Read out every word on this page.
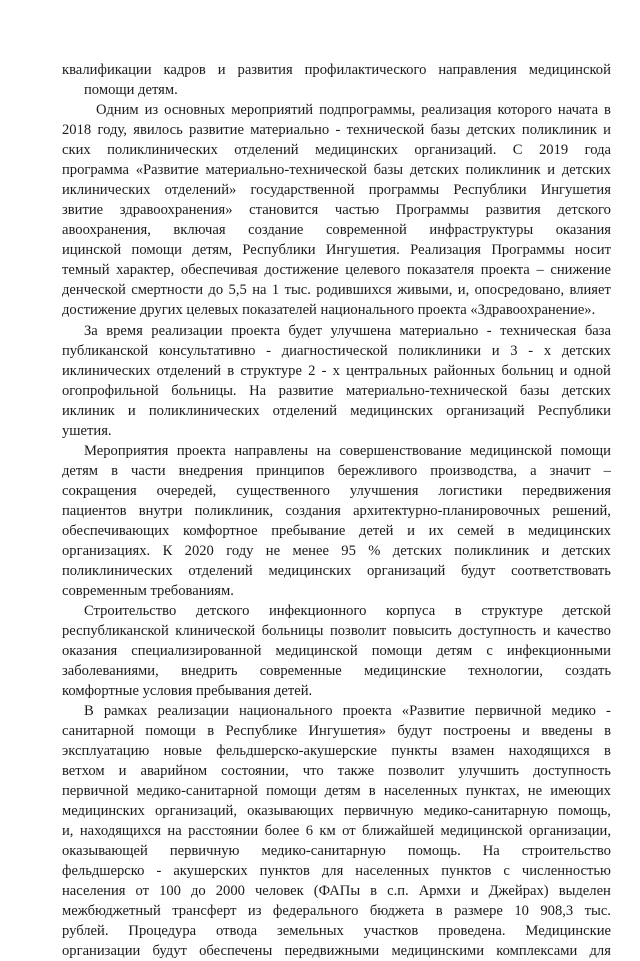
квалификации кадров и развития профилактического направления медицинской
помощи детям.
Одним из основных мероприятий подпрограммы, реализация которого начата в
2018 году, явилось развитие материально - технической базы детских поликлиник и
ских поликлинических отделений медицинских организаций. С 2019 года
программа «Развитие материально-технической базы детских поликлиник и детских
иклинических отделений» государственной программы Республики Ингушетия
звитие здравоохранения» становится частью Программы развития детского
авоохранения, включая создание современной инфраструктуры оказания
ицинской помощи детям, Республики Ингушетия. Реализация Программы носит
темный характер, обеспечивая достижение целевого показателя проекта – снижение
денческой смертности до 5,5 на 1 тыс. родившихся живыми, и, опосредовано, влияет
достижение других целевых показателей национального проекта «Здравоохранение».
За время реализации проекта будет улучшена материально - техническая база
публиканской консультативно - диагностической поликлиники и 3 - х детских
иклинических отделений в структуре 2 - х центральных районных больниц и одной
огопрофильной больницы. На развитие материально-технической базы детских
иклиник и поликлинических отделений медицинских организаций Республики
ушетия.
Мероприятия проекта направлены на совершенствование медицинской помощи
детям в части внедрения принципов бережливого производства, а значит –
сокращения очередей, существенного улучшения логистики передвижения
пациентов внутри поликлиник, создания архитектурно-планировочных решений,
обеспечивающих комфортное пребывание детей и их семей в медицинских
организациях. К 2020 году не менее 95 % детских поликлиник и детских
поликлинических отделений медицинских организаций будут соответствовать
современным требованиям.
Строительство детского инфекционного корпуса в структуре детской
республиканской клинической больницы позволит повысить доступность и качество
оказания специализированной медицинской помощи детям с инфекционными
заболеваниями, внедрить современные медицинские технологии, создать
комфортные условия пребывания детей.
В рамках реализации национального проекта «Развитие первичной медико -
санитарной помощи в Республике Ингушетия» будут построены и введены в
эксплуатацию новые фельдшерско-акушерские пункты взамен находящихся в
ветхом и аварийном состоянии, что также позволит улучшить доступность
первичной медико-санитарной помощи детям в населенных пунктах, не имеющих
медицинских организаций, оказывающих первичную медико-санитарную помощь,
и, находящихся на расстоянии более 6 км от ближайшей медицинской организации,
оказывающей первичную медико-санитарную помощь. На строительство
фельдшерско - акушерских пунктов для населенных пунктов с численностью
населения от 100 до 2000 человек (ФАПы в с.п. Армхи и Джейрах) выделен
межбюджетный трансферт из федерального бюджета в размере 10 908,3 тыс.
рублей. Процедура отвода земельных участков проведена. Медицинские
организации будут обеспечены передвижными медицинскими комплексами для
